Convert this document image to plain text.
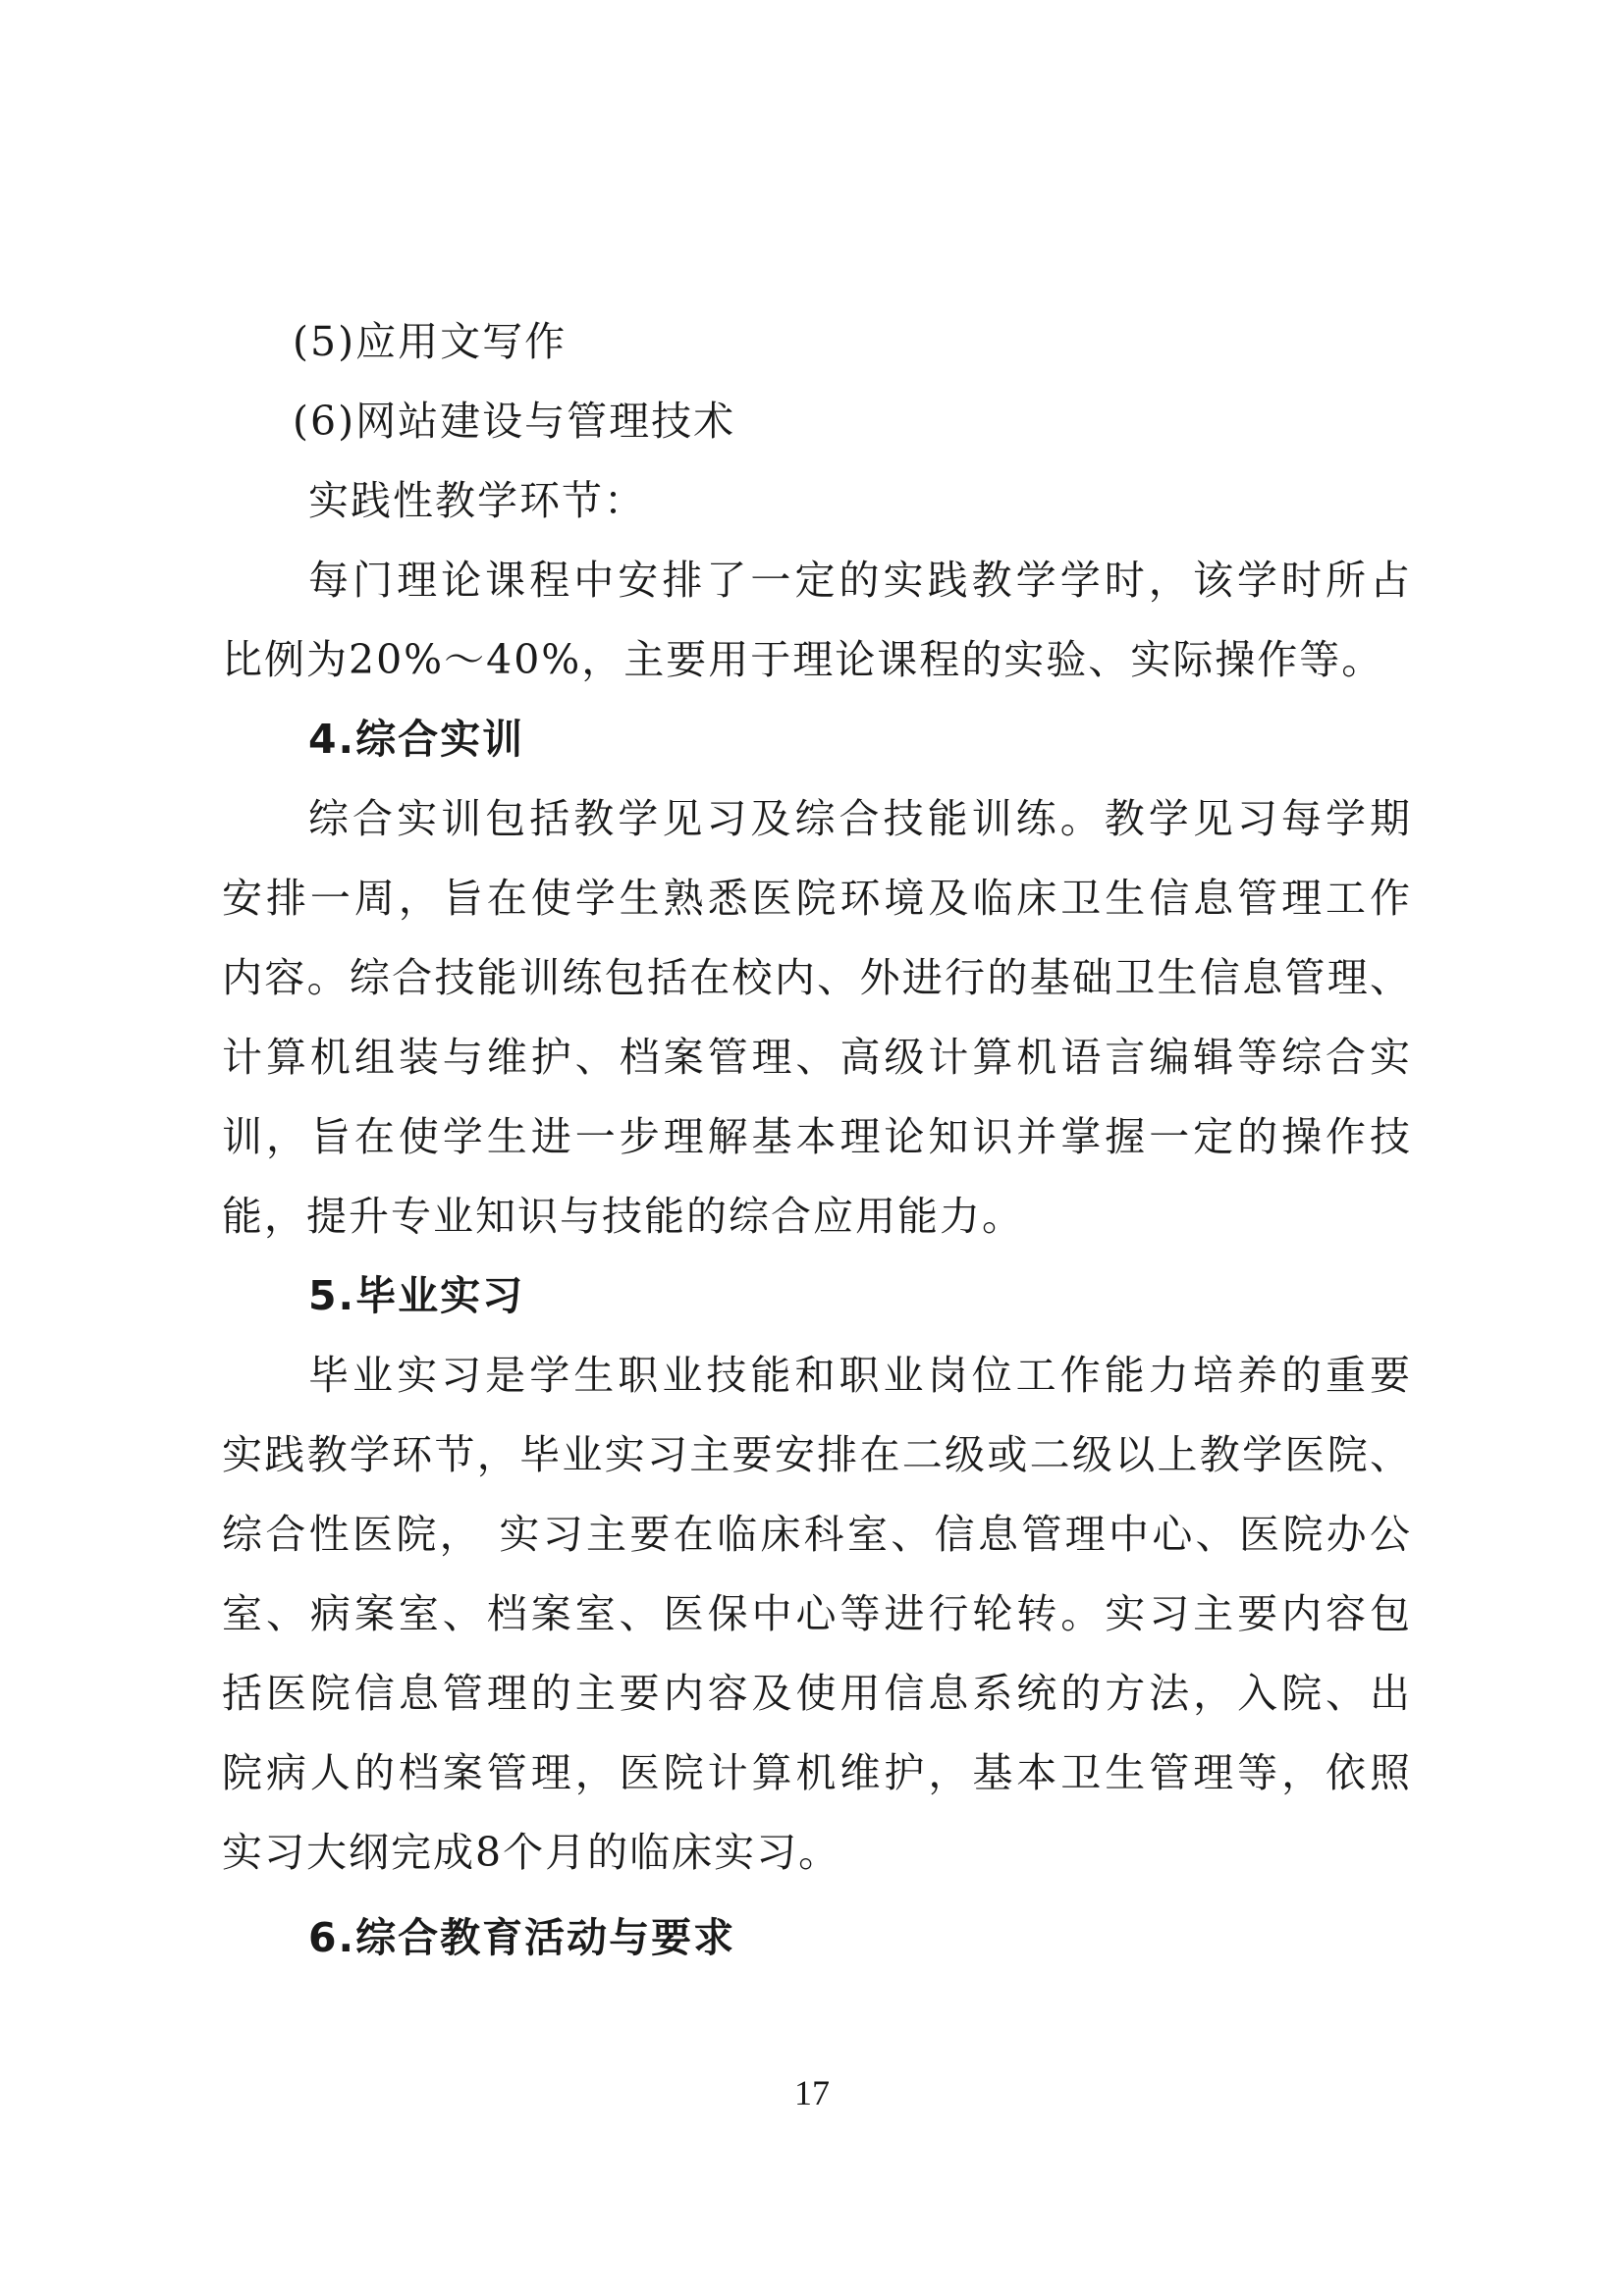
(5)应用文写作
(6)网站建设与管理技术
实践性教学环节：
每门理论课程中安排了一定的实践教学学时，该学时所占
比例为20%～40%，主要用于理论课程的实验、实际操作等。
4.综合实训
综合实训包括教学见习及综合技能训练。教学见习每学期
安排一周，旨在使学生熟悉医院环境及临床卫生信息管理工作
内容。综合技能训练包括在校内、外进行的基础卫生信息管理、
计算机组装与维护、档案管理、高级计算机语言编辑等综合实
训，旨在使学生进一步理解基本理论知识并掌握一定的操作技
能，提升专业知识与技能的综合应用能力。
5.毕业实习
毕业实习是学生职业技能和职业岗位工作能力培养的重要
实践教学环节，毕业实习主要安排在二级或二级以上教学医院、
综合性医院， 实习主要在临床科室、信息管理中心、医院办公
室、病案室、档案室、医保中心等进行轮转。实习主要内容包
括医院信息管理的主要内容及使用信息系统的方法，入院、出
院病人的档案管理，医院计算机维护，基本卫生管理等，依照
实习大纲完成8个月的临床实习。
6.综合教育活动与要求
17
